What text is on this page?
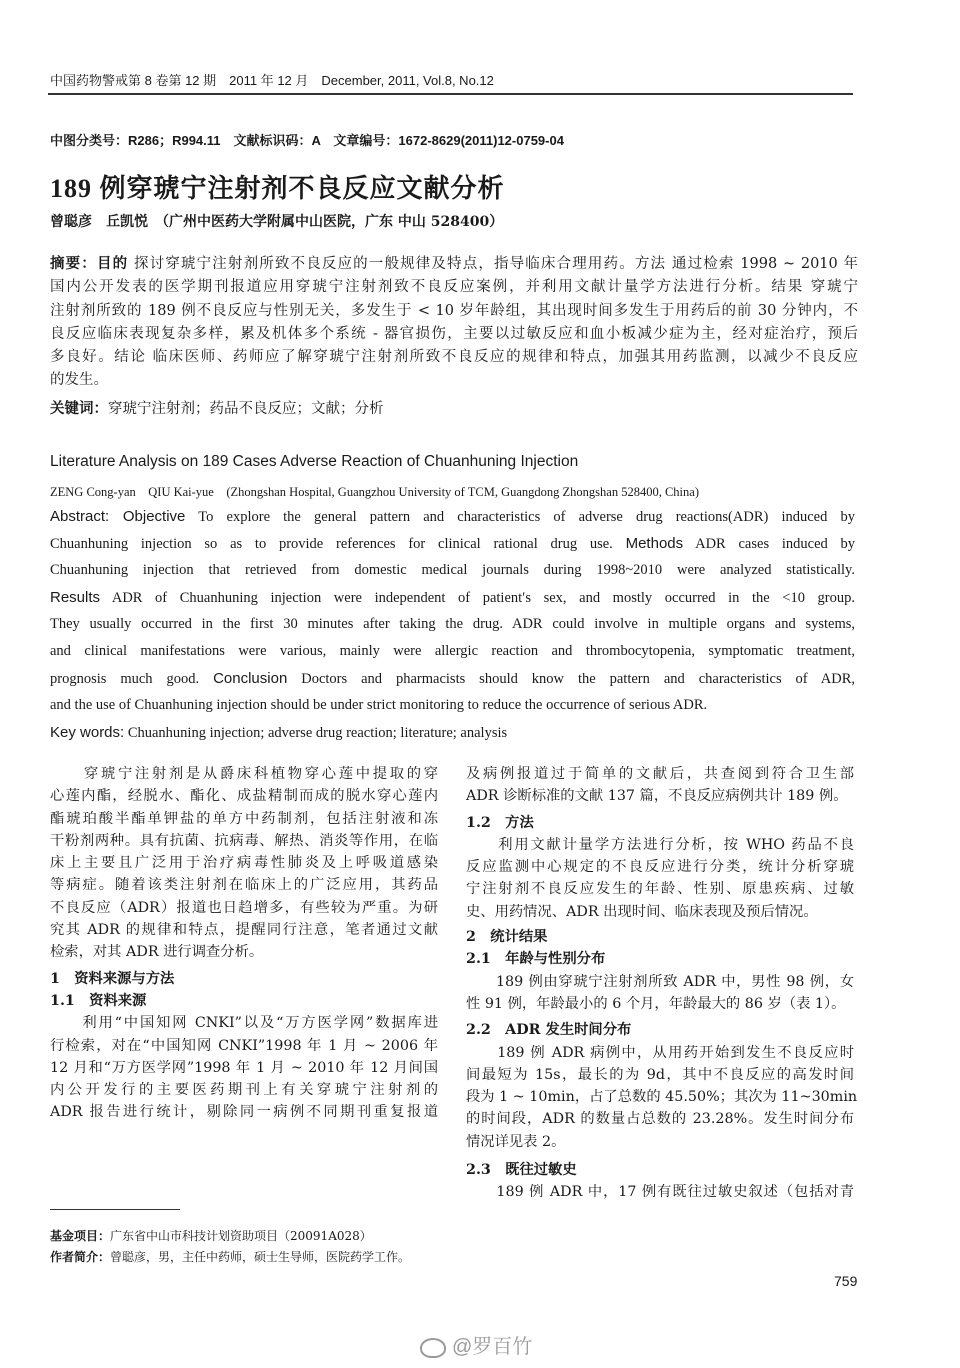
中国药物警戒第 8 卷第 12 期　2011 年 12 月　December, 2011, Vol.8, No.12
中图分类号：R286；R994.11　文献标识码：A　文章编号：1672-8629(2011)12-0759-04
189 例穿琥宁注射剂不良反应文献分析
曾聪彦　丘凯悦　（广州中医药大学附属中山医院，广东 中山 528400）
摘要：目的 探讨穿琥宁注射剂所致不良反应的一般规律及特点，指导临床合理用药。方法 通过检索 1998 ~ 2010 年
国内公开发表的医学期刊报道应用穿琥宁注射剂致不良反应案例，并利用文献计量学方法进行分析。结果 穿琥宁
注射剂所致的 189 例不良反应与性别无关，多发生于 < 10 岁年龄组，其出现时间多发生于用药后的前 30 分钟内，不
良反应临床表现复杂多样，累及机体多个系统 - 器官损伤，主要以过敏反应和血小板减少症为主，经对症治疗，预后
多良好。结论 临床医师、药师应了解穿琥宁注射剂所致不良反应的规律和特点，加强其用药监测，以减少不良反应
的发生。
关键词：穿琥宁注射剂；药品不良反应；文献；分析
Literature Analysis on 189 Cases Adverse Reaction of Chuanhuning Injection
ZENG Cong-yan　QIU Kai-yue　(Zhongshan Hospital, Guangzhou University of TCM, Guangdong Zhongshan 528400, China)
Abstract: Objective To explore the general pattern and characteristics of adverse drug reactions(ADR) induced by
Chuanhuning injection so as to provide references for clinical rational drug use. Methods ADR cases induced by
Chuanhuning injection that retrieved from domestic medical journals during 1998~2010 were analyzed statistically.
Results ADR of Chuanhuning injection were independent of patient′s sex, and mostly occurred in the <10 group.
They usually occurred in the first 30 minutes after taking the drug. ADR could involve in multiple organs and systems,
and clinical manifestations were various, mainly were allergic reaction and thrombocytopenia, symptomatic treatment,
prognosis much good. Conclusion Doctors and pharmacists should know the pattern and characteristics of ADR,
and the use of Chuanhuning injection should be under strict monitoring to reduce the occurrence of serious ADR.
Key words: Chuanhuning injection; adverse drug reaction; literature; analysis
　　穿琥宁注射剂是从爵床科植物穿心莲中提取的穿
心莲内酯，经脱水、酯化、成盐精制而成的脱水穿心莲内
酯琥珀酸半酯单钾盐的单方中药制剂，包括注射液和冻
干粉剂两种。具有抗菌、抗病毒、解热、消炎等作用，在临
床上主要且广泛用于治疗病毒性肺炎及上呼吸道感染
等病症。随着该类注射剂在临床上的广泛应用，其药品
不良反应（ADR）报道也日趋增多，有些较为严重。为研
究其 ADR 的规律和特点，提醒同行注意，笔者通过文献
检索，对其 ADR 进行调查分析。
1　资料来源与方法
1.1　资料来源
　　利用“中国知网 CNKI”以及“万方医学网”数据库进
行检索，对在“中国知网 CNKI”1998 年 1 月 ~ 2006 年
12 月和“万方医学网”1998 年 1 月 ~ 2010 年 12 月间国
内公开发行的主要医药期刊上有关穿琥宁注射剂的
ADR 报告进行统计，剔除同一病例不同期刊重复报道
及病例报道过于简单的文献后，共查阅到符合卫生部
ADR 诊断标准的文献 137 篇，不良反应病例共计 189 例。
1.2　方法
　　利用文献计量学方法进行分析，按 WHO 药品不良
反应监测中心规定的不良反应进行分类，统计分析穿琥
宁注射剂不良反应发生的年龄、性别、原患疾病、过敏
史、用药情况、ADR 出现时间、临床表现及预后情况。
2　统计结果
2.1　年龄与性别分布
　　189 例由穿琥宁注射剂所致 ADR 中，男性 98 例，女
性 91 例，年龄最小的 6 个月，年龄最大的 86 岁（表 1）。
2.2　ADR 发生时间分布
　　189 例 ADR 病例中，从用药开始到发生不良反应时
间最短为 15s，最长的为 9d，其中不良反应的高发时间
段为 1 ~ 10min，占了总数的 45.50%；其次为 11~30min
的时间段，ADR 的数量占总数的 23.28%。发生时间分布
情况详见表 2。
2.3　既往过敏史
　　189 例 ADR 中，17 例有既往过敏史叙述（包括对青
基金项目：广东省中山市科技计划资助项目（20091A028）
作者简介：曾聪彦，男，主任中药师，硕士生导师，医院药学工作。
759
@罗百竹
